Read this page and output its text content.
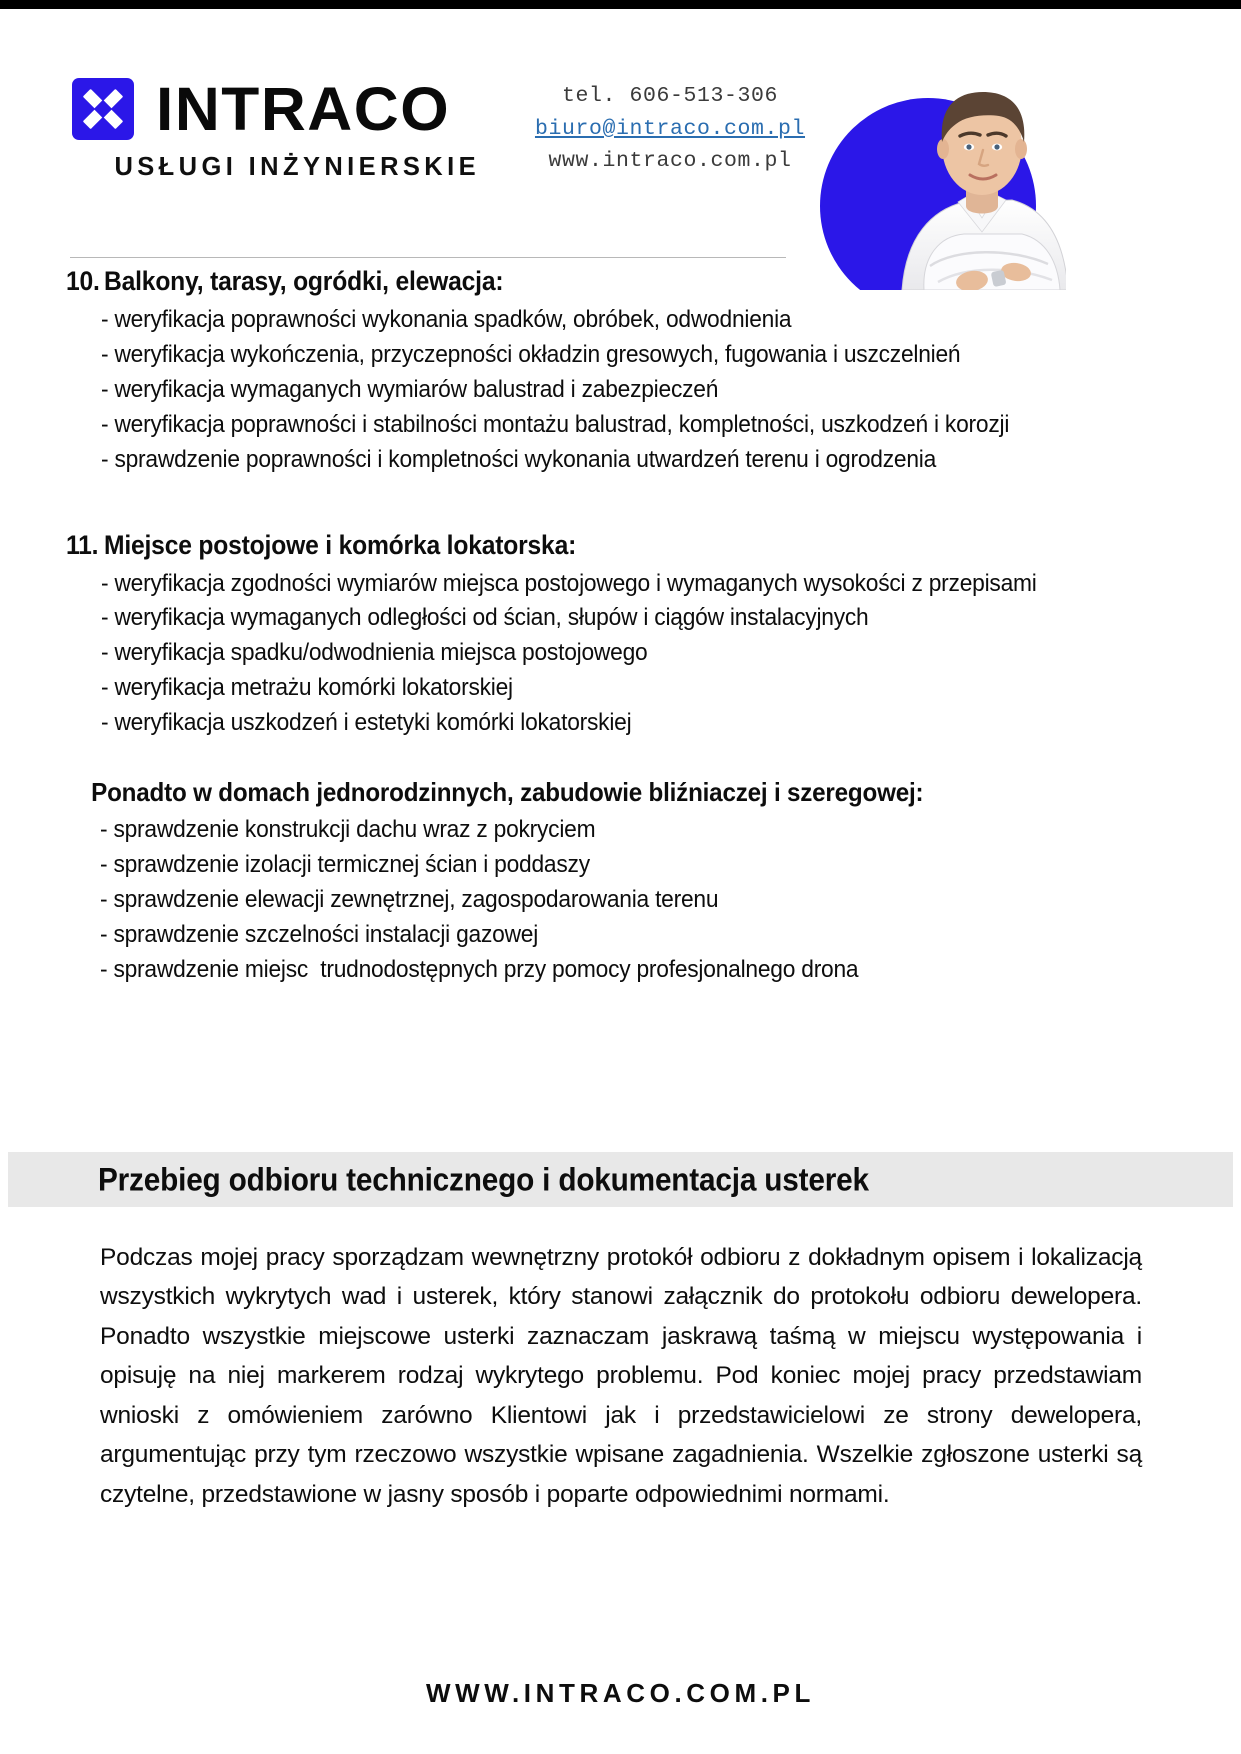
INTRACO
USŁUGI INŻYNIERSKIE
tel. 606-513-306
biuro@intraco.com.pl
www.intraco.com.pl
10. Balkony, tarasy, ogródki, elewacja:
- weryfikacja poprawności wykonania spadków, obróbek, odwodnienia
- weryfikacja wykończenia, przyczepności okładzin gresowych, fugowania i uszczelnień
- weryfikacja wymaganych wymiarów balustrad i zabezpieczeń
- weryfikacja poprawności i stabilności montażu balustrad, kompletności, uszkodzeń i korozji
- sprawdzenie poprawności i kompletności wykonania utwardzeń terenu i ogrodzenia
11. Miejsce postojowe i komórka lokatorska:
- weryfikacja zgodności wymiarów miejsca postojowego i wymaganych wysokości z przepisami
- weryfikacja wymaganych odległości od ścian, słupów i ciągów instalacyjnych
- weryfikacja spadku/odwodnienia miejsca postojowego
- weryfikacja metrażu komórki lokatorskiej
- weryfikacja uszkodzeń i estetyki komórki lokatorskiej
Ponadto w domach jednorodzinnych, zabudowie bliźniaczej i szeregowej:
- sprawdzenie konstrukcji dachu wraz z pokryciem
- sprawdzenie izolacji termicznej ścian i poddaszy
- sprawdzenie elewacji zewnętrznej, zagospodarowania terenu
- sprawdzenie szczelności instalacji gazowej
- sprawdzenie miejsc  trudnodostępnych przy pomocy profesjonalnego drona
Przebieg odbioru technicznego i dokumentacja usterek
Podczas mojej pracy sporządzam wewnętrzny protokół odbioru z dokładnym opisem i lokalizacją wszystkich wykrytych wad i usterek, który stanowi załącznik do protokołu odbioru dewelopera. Ponadto wszystkie miejscowe usterki zaznaczam jaskrawą taśmą w miejscu występowania i opisuję na niej markerem rodzaj wykrytego problemu. Pod koniec mojej pracy przedstawiam wnioski z omówieniem zarówno Klientowi jak i przedstawicielowi ze strony dewelopera, argumentując przy tym rzeczowo wszystkie wpisane zagadnienia. Wszelkie zgłoszone usterki są czytelne, przedstawione w jasny sposób i poparte odpowiednimi normami.
WWW.INTRACO.COM.PL
